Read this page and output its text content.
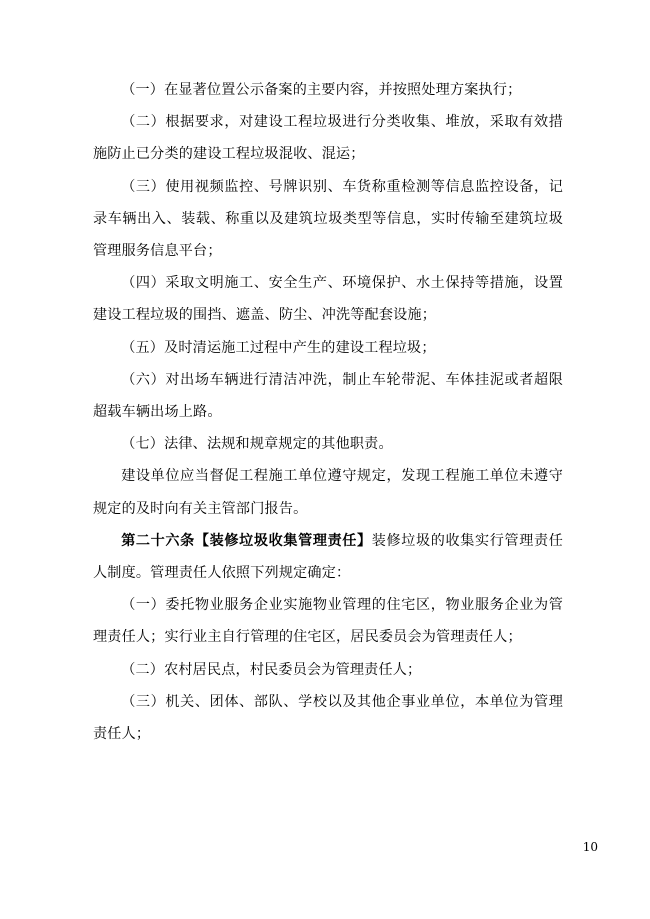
（一）在显著位置公示备案的主要内容，并按照处理方案执行；

（二）根据要求，对建设工程垃圾进行分类收集、堆放，采取有效措施防止已分类的建设工程垃圾混收、混运；

（三）使用视频监控、号牌识别、车货称重检测等信息监控设备，记录车辆出入、装载、称重以及建筑垃圾类型等信息，实时传输至建筑垃圾管理服务信息平台；

（四）采取文明施工、安全生产、环境保护、水土保持等措施，设置建设工程垃圾的围挡、遮盖、防尘、冲洗等配套设施；

（五）及时清运施工过程中产生的建设工程垃圾；

（六）对出场车辆进行清洁冲洗，制止车轮带泥、车体挂泥或者超限超载车辆出场上路。

（七）法律、法规和规章规定的其他职责。

建设单位应当督促工程施工单位遵守规定，发现工程施工单位未遵守规定的及时向有关主管部门报告。

第二十六条【装修垃圾收集管理责任】装修垃圾的收集实行管理责任人制度。管理责任人依照下列规定确定：

（一）委托物业服务企业实施物业管理的住宅区，物业服务企业为管理责任人；实行业主自行管理的住宅区，居民委员会为管理责任人；

（二）农村居民点，村民委员会为管理责任人；

（三）机关、团体、部队、学校以及其他企事业单位，本单位为管理责任人；

10
